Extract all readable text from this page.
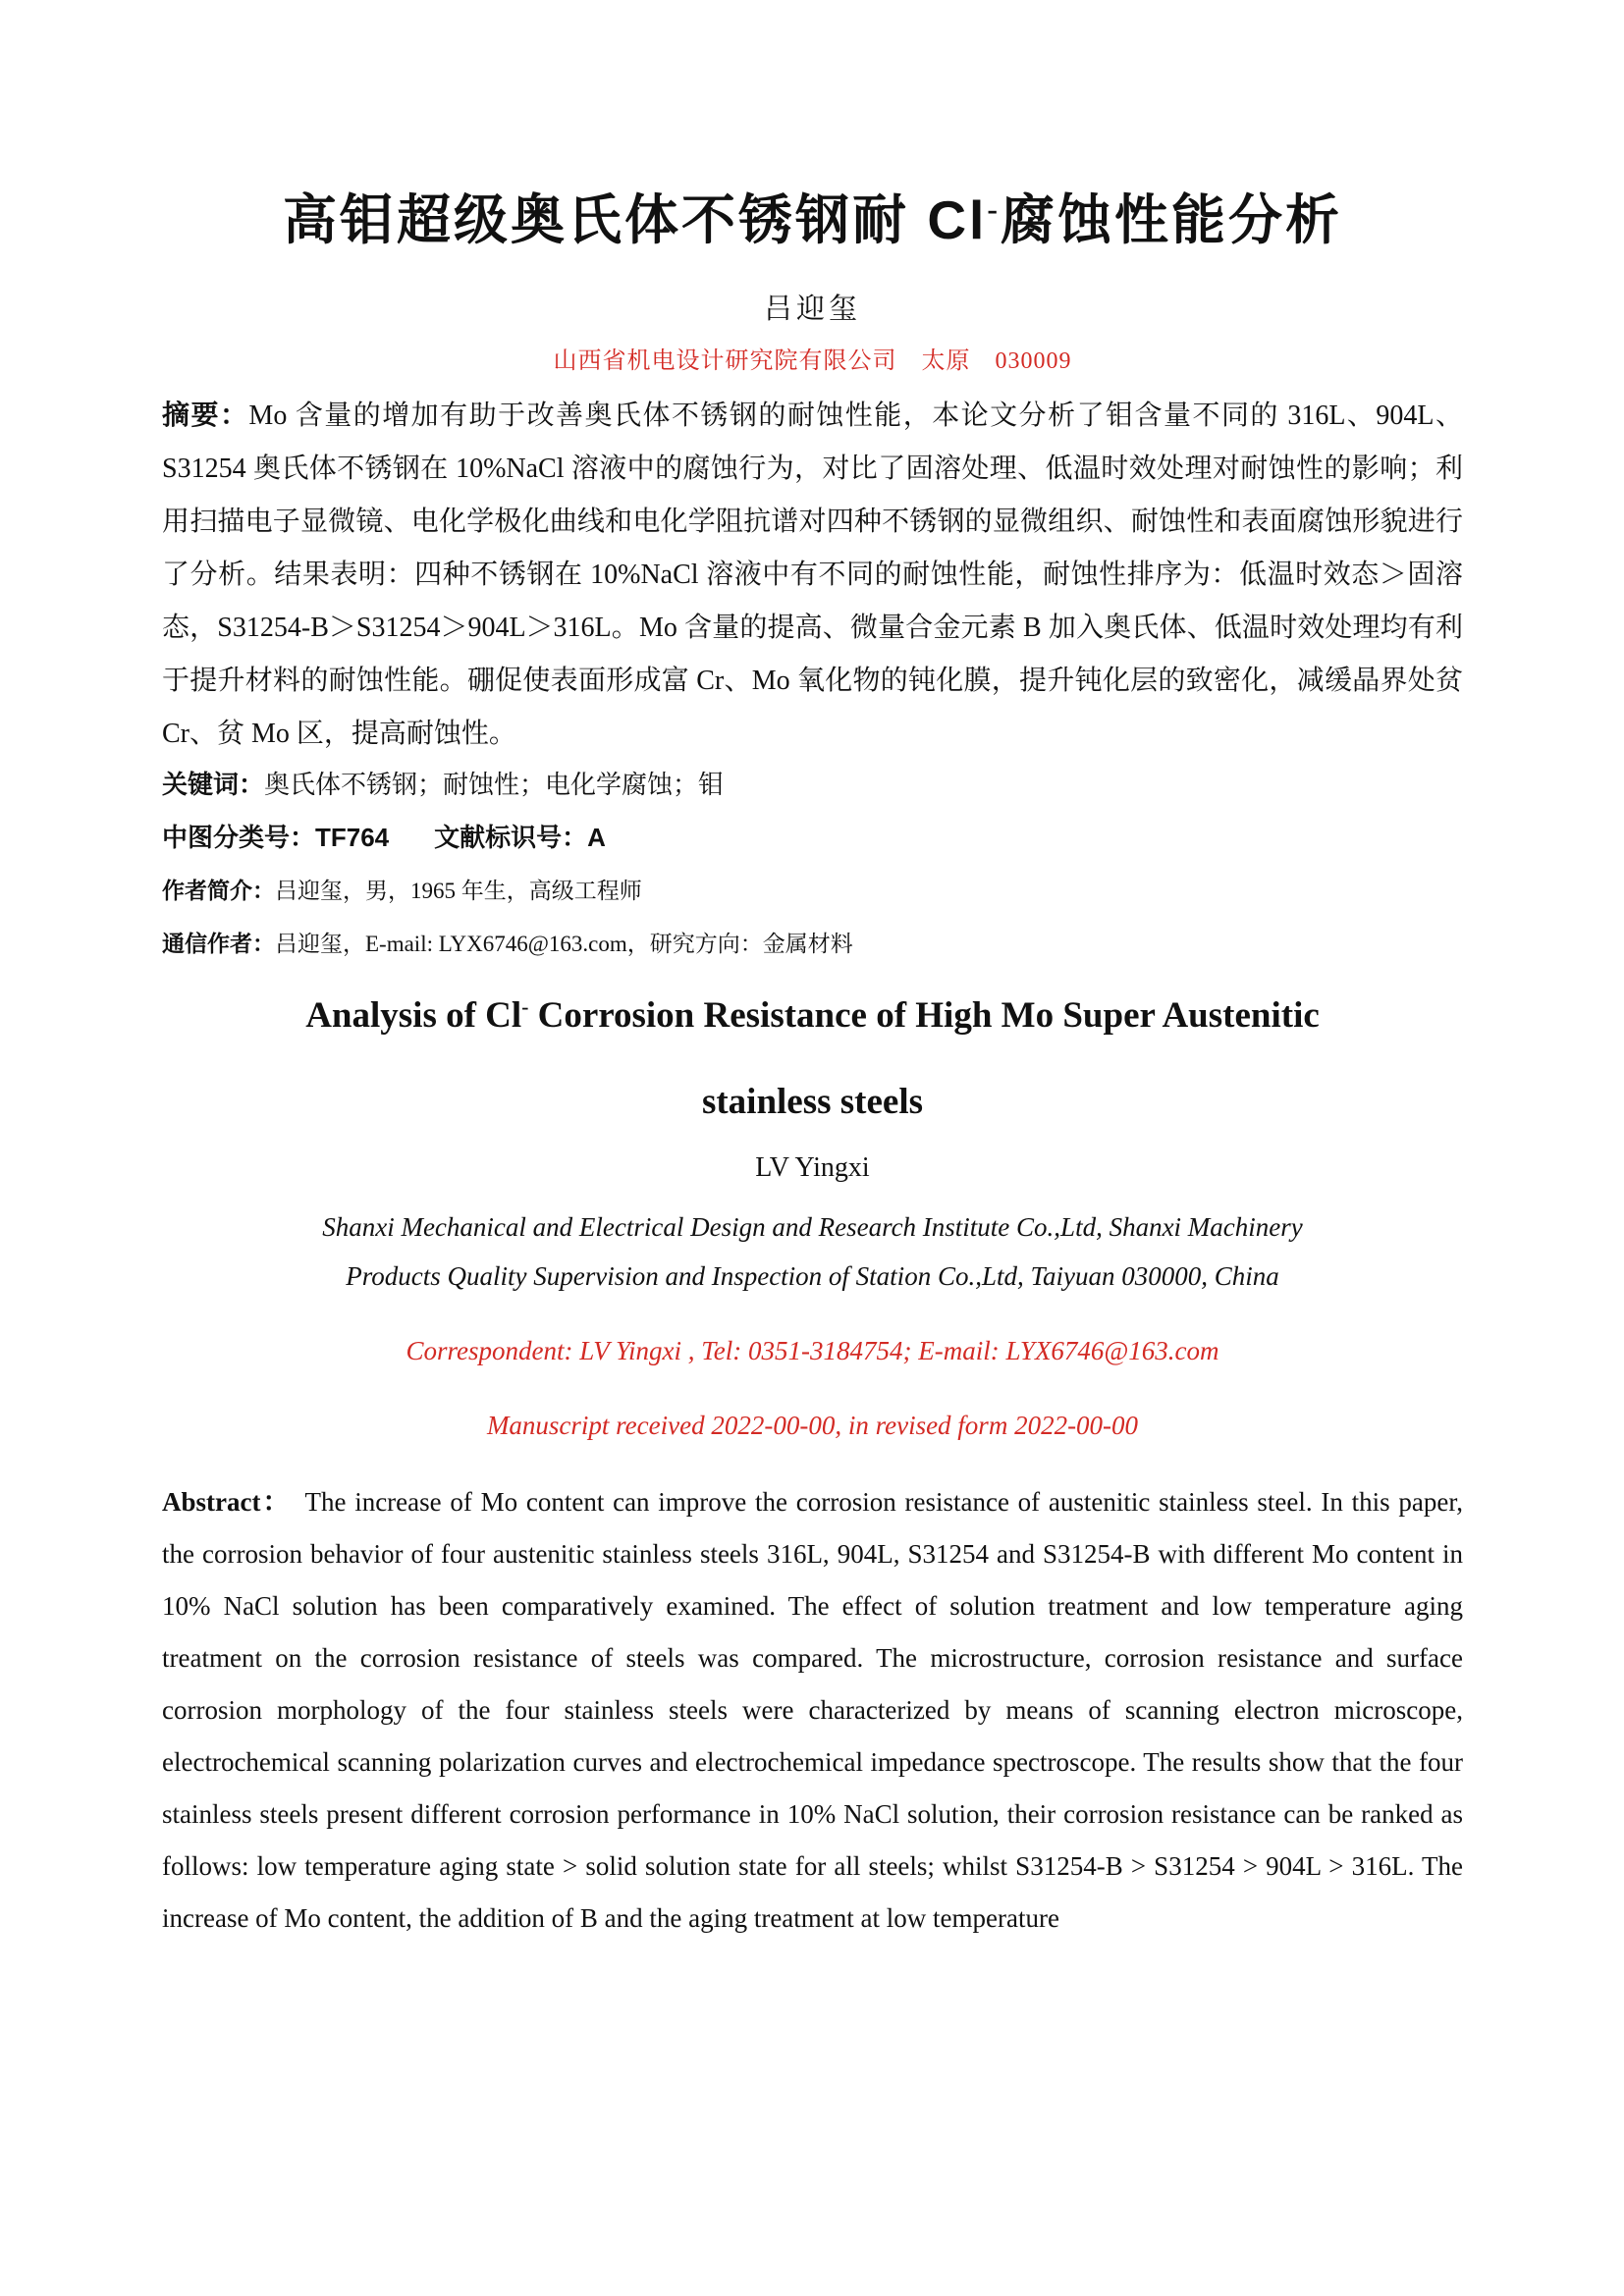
高钼超级奥氏体不锈钢耐 Cl-腐蚀性能分析
吕迎玺
山西省机电设计研究院有限公司　太原　030009
摘要：Mo 含量的增加有助于改善奥氏体不锈钢的耐蚀性能，本论文分析了钼含量不同的 316L、904L、S31254 奥氏体不锈钢在 10%NaCl 溶液中的腐蚀行为，对比了固溶处理、低温时效处理对耐蚀性的影响；利用扫描电子显微镜、电化学极化曲线和电化学阻抗谱对四种不锈钢的显微组织、耐蚀性和表面腐蚀形貌进行了分析。结果表明：四种不锈钢在 10%NaCl 溶液中有不同的耐蚀性能，耐蚀性排序为：低温时效态＞固溶态，S31254-B＞S31254＞904L＞316L。Mo 含量的提高、微量合金元素 B 加入奥氏体、低温时效处理均有利于提升材料的耐蚀性能。硼促使表面形成富 Cr、Mo 氧化物的钝化膜，提升钝化层的致密化，减缓晶界处贫 Cr、贫 Mo 区，提高耐蚀性。
关键词：奥氏体不锈钢；耐蚀性；电化学腐蚀；钼
中图分类号：TF764 文献标识号：A
作者简介：吕迎玺，男，1965 年生，高级工程师
通信作者：吕迎玺，E-mail: LYX6746@163.com，研究方向：金属材料
Analysis of Cl- Corrosion Resistance of High Mo Super Austenitic
stainless steels
LV Yingxi
Shanxi Mechanical and Electrical Design and Research Institute Co.,Ltd, Shanxi Machinery
Products Quality Supervision and Inspection of Station Co.,Ltd, Taiyuan 030000, China
Correspondent: LV Yingxi , Tel: 0351-3184754; E-mail: LYX6746@163.com
Manuscript received 2022-00-00, in revised form 2022-00-00
Abstract： The increase of Mo content can improve the corrosion resistance of austenitic stainless steel. In this paper, the corrosion behavior of four austenitic stainless steels 316L, 904L, S31254 and S31254-B with different Mo content in 10% NaCl solution has been comparatively examined. The effect of solution treatment and low temperature aging treatment on the corrosion resistance of steels was compared. The microstructure, corrosion resistance and surface corrosion morphology of the four stainless steels were characterized by means of scanning electron microscope, electrochemical scanning polarization curves and electrochemical impedance spectroscope. The results show that the four stainless steels present different corrosion performance in 10% NaCl solution, their corrosion resistance can be ranked as follows: low temperature aging state > solid solution state for all steels; whilst S31254-B > S31254 > 904L > 316L. The increase of Mo content, the addition of B and the aging treatment at low temperature
